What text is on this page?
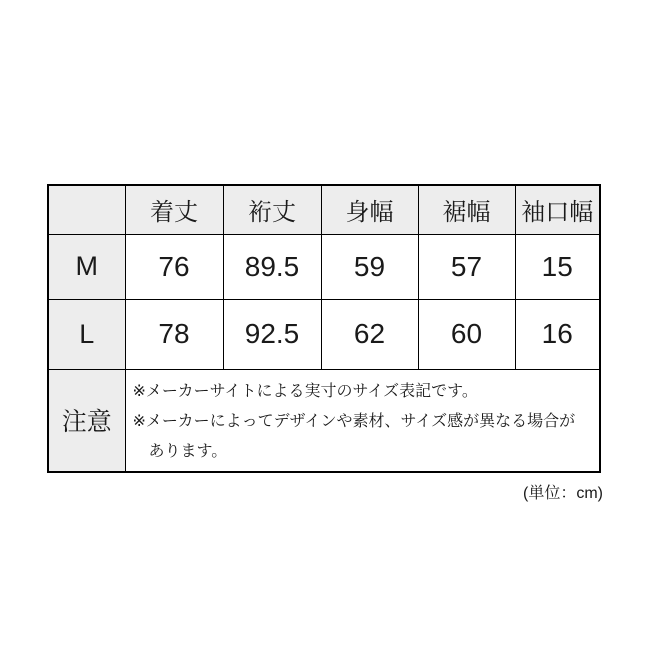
	着丈	裄丈	身幅	裾幅	袖口幅
M	76	89.5	59	57	15
L	78	92.5	62	60	16
注意	※メーカーサイトによる実寸のサイズ表記です。
※メーカーによってデザインや素材、サイズ感が異なる場合が
あります。				
(単位：cm)
